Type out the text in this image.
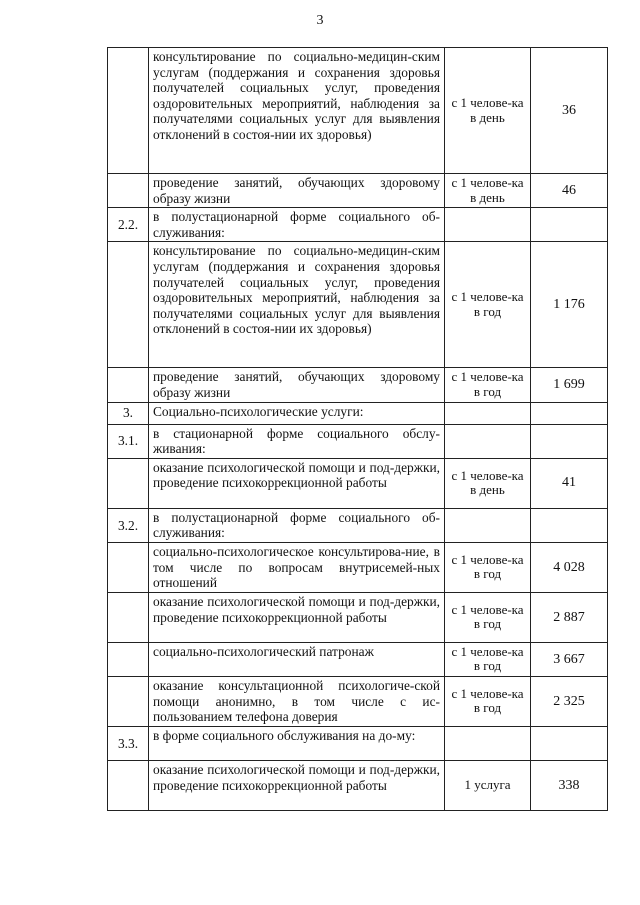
3
	консультирование по социально-медицин-ским услугам (поддержания и сохранения здоровья получателей социальных услуг, проведения оздоровительных мероприятий, наблюдения за получателями социальных услуг для выявления отклонений в состоя-нии их здоровья)	с 1 челове-ка в день	36
	проведение занятий, обучающих здоровому образу жизни	с 1 челове-ка в день	46
2.2.	в полустационарной форме социального об-служивания:		
	консультирование по социально-медицин-ским услугам (поддержания и сохранения здоровья получателей социальных услуг, проведения оздоровительных мероприятий, наблюдения за получателями социальных услуг для выявления отклонений в состоя-нии их здоровья)	с 1 челове-ка в год	1 176
	проведение занятий, обучающих здоровому образу жизни	с 1 челове-ка в год	1 699
3.	Социально-психологические услуги:		
3.1.	в стационарной форме социального обслу-живания:		
	оказание психологической помощи и под-держки, проведение психокоррекционной работы	с 1 челове-ка в день	41
3.2.	в полустационарной форме социального об-служивания:		
	социально-психологическое консультирова-ние, в том числе по вопросам внутрисемей-ных отношений	с 1 челове-ка в год	4 028
	оказание психологической помощи и под-держки, проведение психокоррекционной работы	с 1 челове-ка в год	2 887
	социально-психологический патронаж	с 1 челове-ка в год	3 667
	оказание консультационной психологиче-ской помощи анонимно, в том числе с ис-пользованием телефона доверия	с 1 челове-ка в год	2 325
3.3.	в форме социального обслуживания на до-му:		
	оказание психологической помощи и под-держки, проведение психокоррекционной работы	1 услуга	338
